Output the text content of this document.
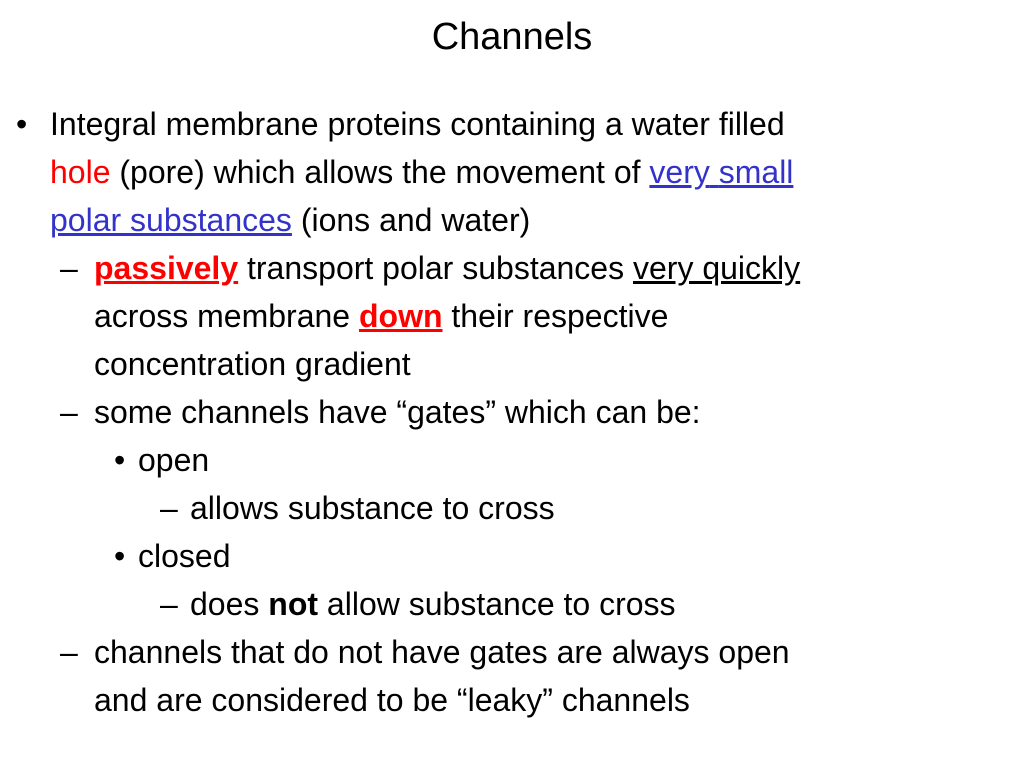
Channels
• Integral membrane proteins containing a water filled
hole (pore) which allows the movement of very small
polar substances (ions and water)
– passively transport polar substances very quickly
across membrane down their respective
concentration gradient
– some channels have “gates” which can be:
• open
– allows substance to cross
• closed
– does not allow substance to cross
– channels that do not have gates are always open
and are considered to be “leaky” channels
